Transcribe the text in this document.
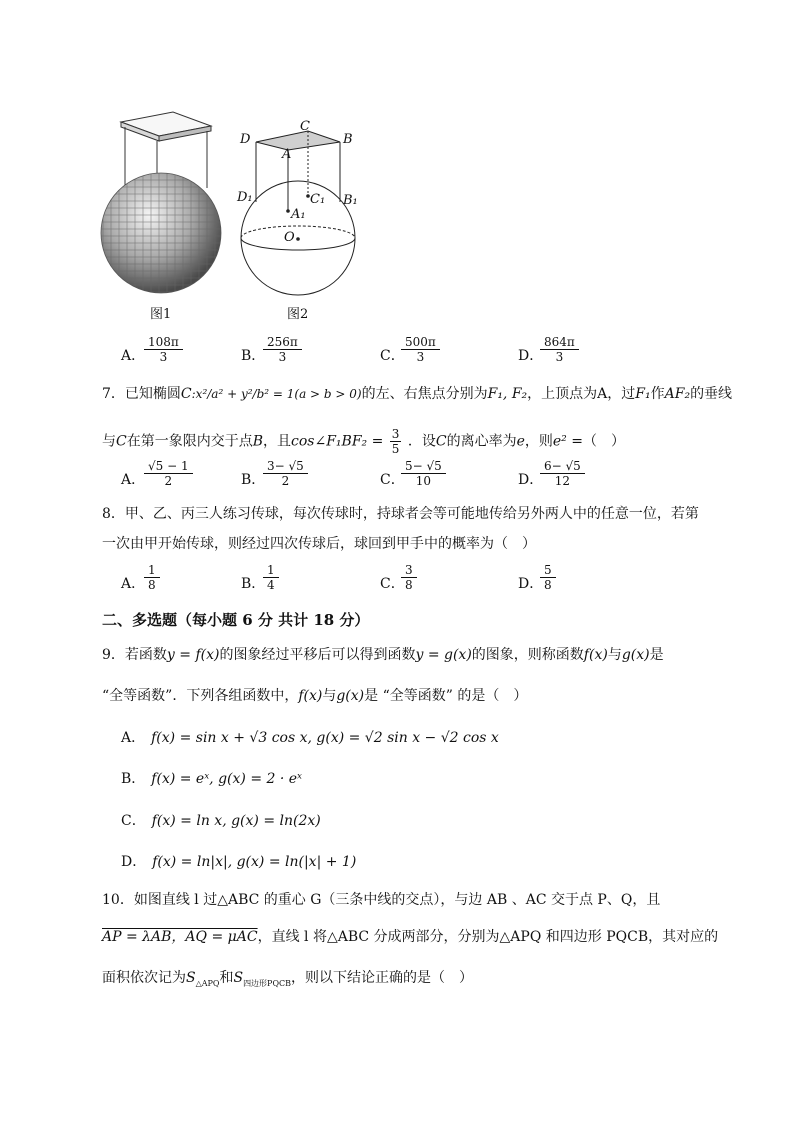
图1
C
D	B
A
D₁	C₁ B₁
A₁
O
图2
A． $\frac{108\pi}{3}$	B． $\frac{256\pi}{3}$	C．
$\frac{500\pi}{3}$	D．
$\frac{864\pi}{3}$
7．已知椭圆C:x²/a² + y²/b² = 1(a > b > 0)的左、右焦点分别为F₁, F₂，上顶点为A，过F₁作AF₂的垂线
与C在第一象限内交于点B，且cos∠F₁BF₂ = $\frac{3}{5}$ ．设C的离心率为e，则e² =（　）
A． $\frac{√5 - 1}{2}$	B． $\frac{3- √5}{2}$	C．
$\frac{5- √5}{10}$	D．
$\frac{6- √5}{12}$
8．甲、乙、丙三人练习传球，每次传球时，持球者会等可能地传给另外两人中的任意一位，若第
一次由甲开始传球，则经过四次传球后，球回到甲手中的概率为（　）
A． $\frac{1}{8}$	B． $\frac{1}{4}$	C．
$\frac{3}{8}$	D．
$\frac{5}{8}$
二、多选题（每小题 6 分 共计 18 分）
9．若函数y = f(x)的图象经过平移后可以得到函数y = g(x)的图象，则称函数f(x)与g(x)是
“全等函数”．下列各组函数中，f(x)与g(x)是 “全等函数” 的是（　）
A． f(x) = sin x + √3 cos x, g(x) = √2 sin x − √2 cos x
B． f(x) = eˣ, g(x) = 2 · eˣ
C． f(x) = ln x, g(x) = ln(2x)
D． f(x) = ln|x|, g(x) = ln(|x| + 1)
10．如图直线 l 过△ABC 的重心 G（三条中线的交点），与边 AB 、AC 交于点 P、Q，且
AP = λAB，AQ = μAC，直线 l 将△ABC 分成两部分，分别为△APQ 和四边形 PQCB，其对应的
面积依次记为$S_{\triangle APQ}$和$S_{四边形PQCB}$，则以下结论正确的是（　）
